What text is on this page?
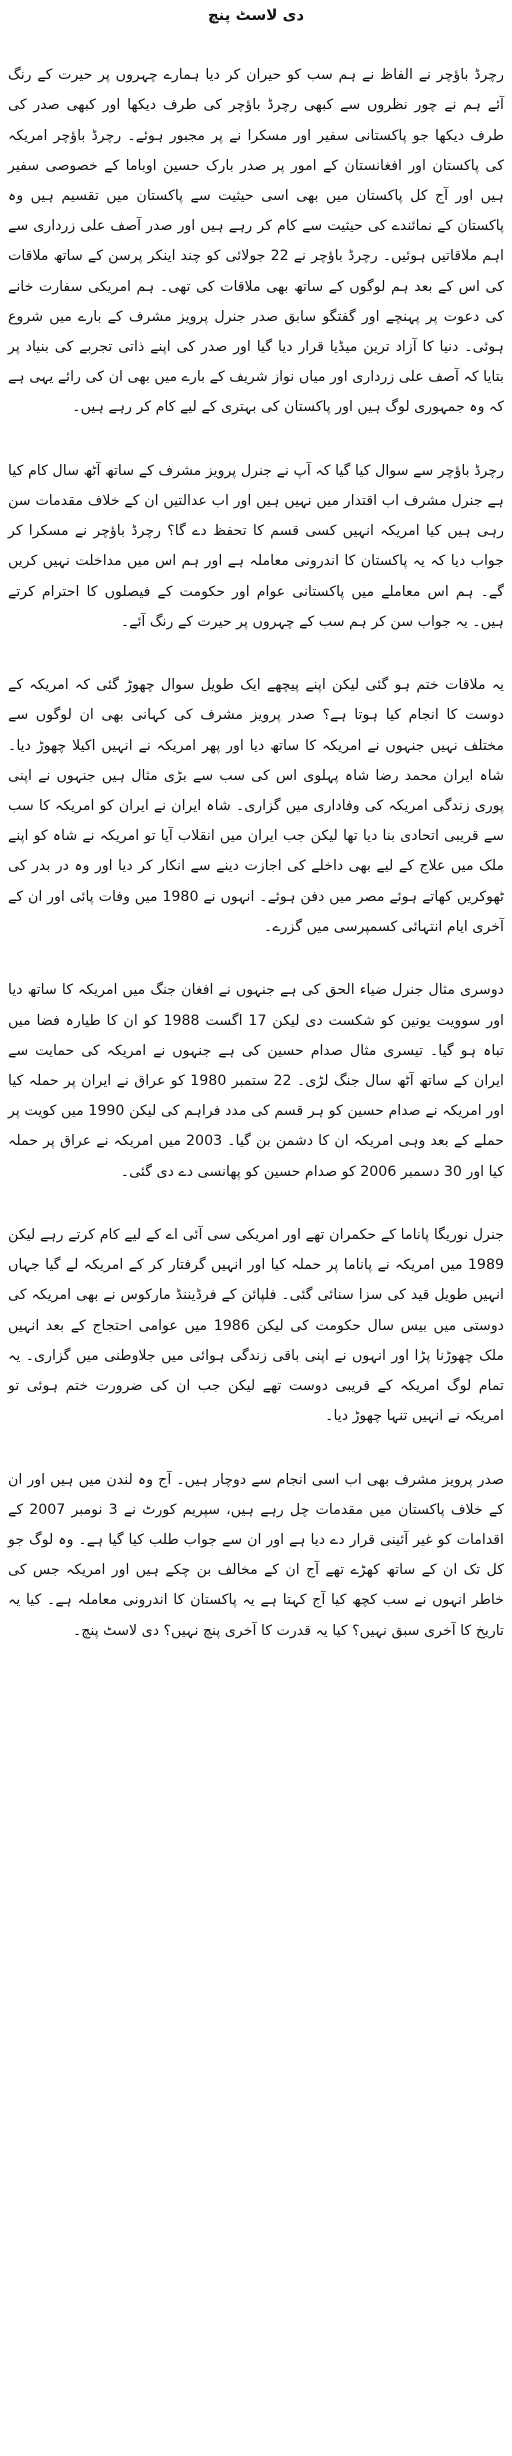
دی لاسٹ پنچ

رچرڈ باؤچر نے الفاظ نے ہم سب کو حیران کر دیا ہمارے چہروں پر حیرت کے رنگ آئے ہم نے چور نظروں سے کبھی رچرڈ باؤچر کی طرف دیکھا اور کبھی صدر کی طرف دیکھا جو پاکستانی سفیر اور مسکرا نے پر مجبور ہوئے۔ رچرڈ باؤچر امریکہ کی پاکستان اور افغانستان کے امور پر صدر بارک حسین اوباما کے خصوصی سفیر ہیں اور آج کل پاکستان میں بھی اسی حیثیت سے پاکستان میں تقسیم ہیں وہ پاکستان کے نمائندے کی حیثیت سے کام کر رہے ہیں اور صدر آصف علی زرداری سے اہم ملاقاتیں ہوئیں۔ رچرڈ باؤچر نے 22 جولائی کو چند اینکر پرسن کے ساتھ ملاقات کی اس کے بعد ہم لوگوں کے ساتھ بھی ملاقات کی تھی۔ ہم امریکی سفارت خانے کی دعوت پر پہنچے اور گفتگو سابق صدر جنرل پرویز مشرف کے بارے میں شروع ہوئی۔ دنیا کا آزاد ترین میڈیا قرار دیا گیا اور صدر کی اپنے ذاتی تجربے کی بنیاد پر بتایا کہ آصف علی زرداری اور میاں نواز شریف کے بارے میں بھی ان کی رائے یہی ہے کہ وہ جمہوری لوگ ہیں اور پاکستان کی بہتری کے لیے کام کر رہے ہیں۔

رچرڈ باؤچر سے سوال کیا گیا کہ آپ نے جنرل پرویز مشرف کے ساتھ آٹھ سال کام کیا ہے جنرل مشرف اب اقتدار میں نہیں ہیں اور اب عدالتیں ان کے خلاف مقدمات سن رہی ہیں کیا امریکہ انہیں کسی قسم کا تحفظ دے گا؟ رچرڈ باؤچر نے مسکرا کر جواب دیا کہ یہ پاکستان کا اندرونی معاملہ ہے اور ہم اس میں مداخلت نہیں کریں گے۔ ہم اس معاملے میں پاکستانی عوام اور حکومت کے فیصلوں کا احترام کرتے ہیں۔ یہ جواب سن کر ہم سب کے چہروں پر حیرت کے رنگ آئے۔

یہ ملاقات ختم ہو گئی لیکن اپنے پیچھے ایک طویل سوال چھوڑ گئی کہ امریکہ کے دوست کا انجام کیا ہوتا ہے؟ صدر پرویز مشرف کی کہانی بھی ان لوگوں سے مختلف نہیں جنہوں نے امریکہ کا ساتھ دیا اور پھر امریکہ نے انہیں اکیلا چھوڑ دیا۔ شاہ ایران محمد رضا شاہ پہلوی اس کی سب سے بڑی مثال ہیں جنہوں نے اپنی پوری زندگی امریکہ کی وفاداری میں گزاری۔ شاہ ایران نے ایران کو امریکہ کا سب سے قریبی اتحادی بنا دیا تھا لیکن جب ایران میں انقلاب آیا تو امریکہ نے شاہ کو اپنے ملک میں علاج کے لیے بھی داخلے کی اجازت دینے سے انکار کر دیا اور وہ در بدر کی ٹھوکریں کھاتے ہوئے مصر میں دفن ہوئے۔ انہوں نے 1980 میں وفات پائی اور ان کے آخری ایام انتہائی کسمپرسی میں گزرے۔

دوسری مثال جنرل ضیاء الحق کی ہے جنہوں نے افغان جنگ میں امریکہ کا ساتھ دیا اور سوویت یونین کو شکست دی لیکن 17 اگست 1988 کو ان کا طیارہ فضا میں تباہ ہو گیا۔ تیسری مثال صدام حسین کی ہے جنہوں نے امریکہ کی حمایت سے ایران کے ساتھ آٹھ سال جنگ لڑی۔ 22 ستمبر 1980 کو عراق نے ایران پر حملہ کیا اور امریکہ نے صدام حسین کو ہر قسم کی مدد فراہم کی لیکن 1990 میں کویت پر حملے کے بعد وہی امریکہ ان کا دشمن بن گیا۔ 2003 میں امریکہ نے عراق پر حملہ کیا اور 30 دسمبر 2006 کو صدام حسین کو پھانسی دے دی گئی۔

جنرل نوریگا پاناما کے حکمران تھے اور امریکی سی آئی اے کے لیے کام کرتے رہے لیکن 1989 میں امریکہ نے پاناما پر حملہ کیا اور انہیں گرفتار کر کے امریکہ لے گیا جہاں انہیں طویل قید کی سزا سنائی گئی۔ فلپائن کے فرڈیننڈ مارکوس نے بھی امریکہ کی دوستی میں بیس سال حکومت کی لیکن 1986 میں عوامی احتجاج کے بعد انہیں ملک چھوڑنا پڑا اور انہوں نے اپنی باقی زندگی ہوائی میں جلاوطنی میں گزاری۔ یہ تمام لوگ امریکہ کے قریبی دوست تھے لیکن جب ان کی ضرورت ختم ہوئی تو امریکہ نے انہیں تنہا چھوڑ دیا۔

صدر پرویز مشرف بھی اب اسی انجام سے دوچار ہیں۔ آج وہ لندن میں ہیں اور ان کے خلاف پاکستان میں مقدمات چل رہے ہیں، سپریم کورٹ نے 3 نومبر 2007 کے اقدامات کو غیر آئینی قرار دے دیا ہے اور ان سے جواب طلب کیا گیا ہے۔ وہ لوگ جو کل تک ان کے ساتھ کھڑے تھے آج ان کے مخالف بن چکے ہیں اور امریکہ جس کی خاطر انہوں نے سب کچھ کیا آج کہتا ہے یہ پاکستان کا اندرونی معاملہ ہے۔ کیا یہ تاریخ کا آخری سبق نہیں؟ کیا یہ قدرت کا آخری پنچ نہیں؟ دی لاسٹ پنچ۔
